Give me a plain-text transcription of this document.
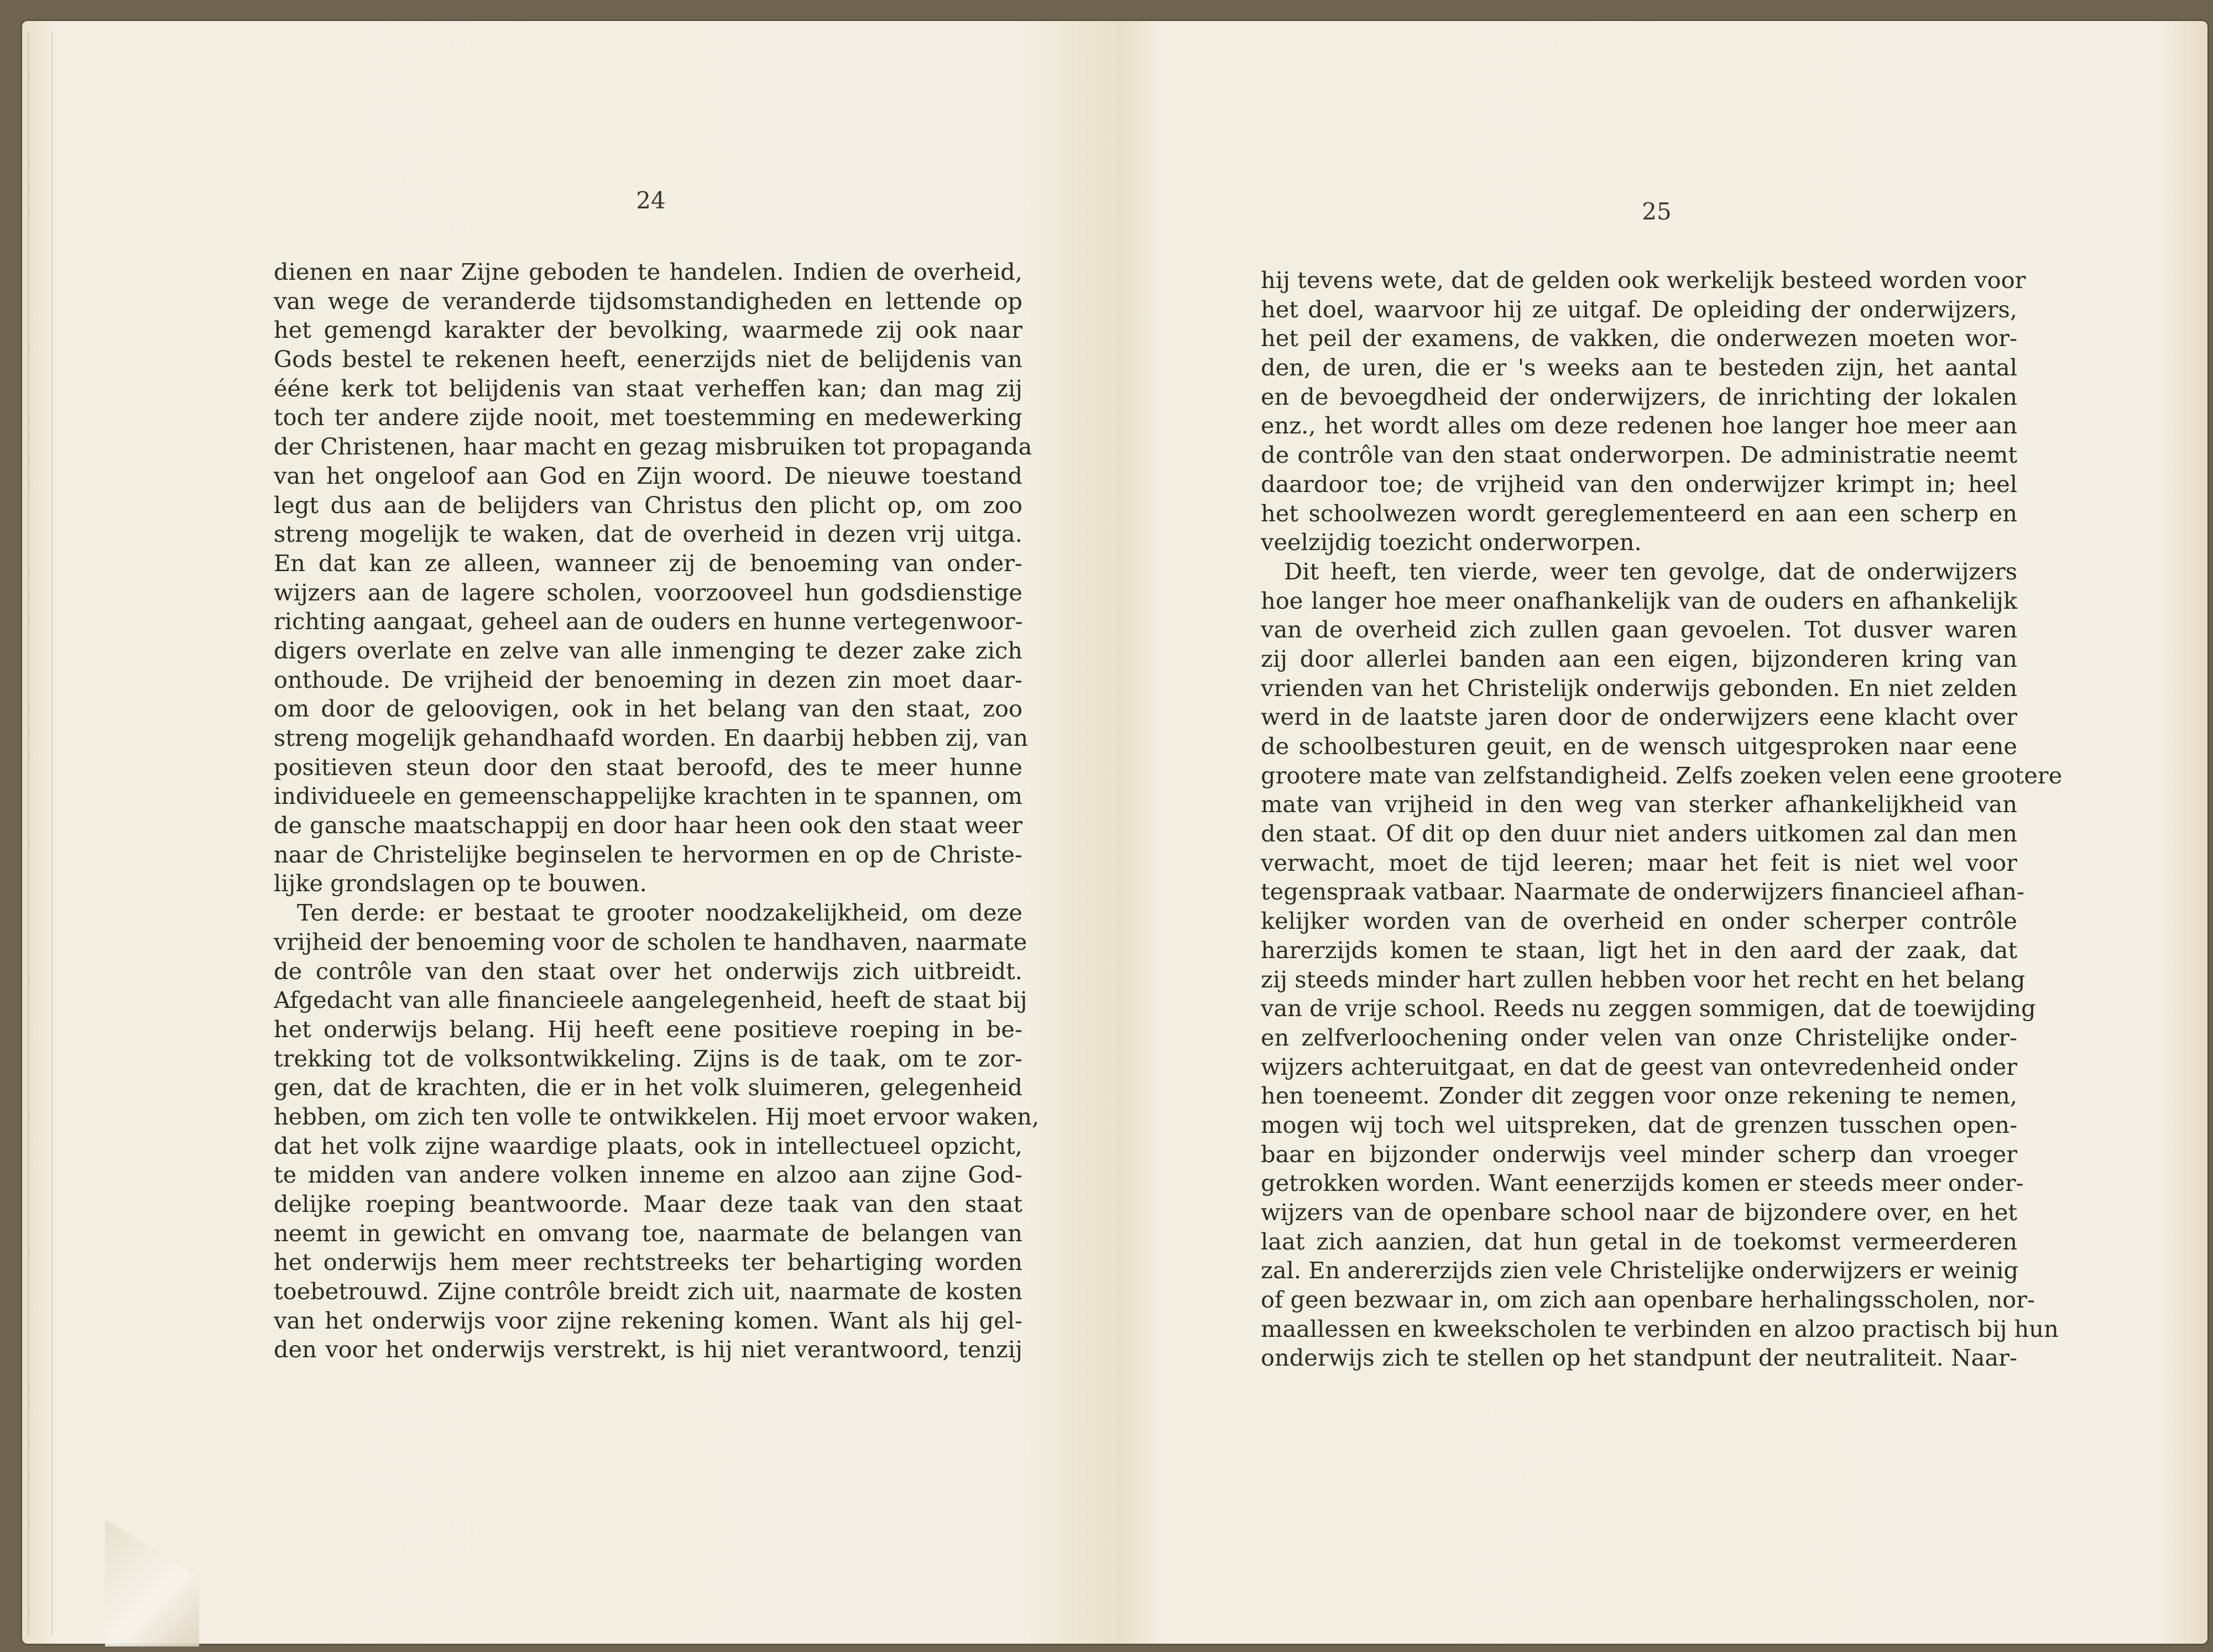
24
dienen en naar Zijne geboden te handelen. Indien de overheid,
van wege de veranderde tijdsomstandigheden en lettende op
het gemengd karakter der bevolking, waarmede zij ook naar
Gods bestel te rekenen heeft, eenerzijds niet de belijdenis van
ééne kerk tot belijdenis van staat verheffen kan; dan mag zij
toch ter andere zijde nooit, met toestemming en medewerking
der Christenen, haar macht en gezag misbruiken tot propaganda
van het ongeloof aan God en Zijn woord. De nieuwe toestand
legt dus aan de belijders van Christus den plicht op, om zoo
streng mogelijk te waken, dat de overheid in dezen vrij uitga.
En dat kan ze alleen, wanneer zij de benoeming van onder-
wijzers aan de lagere scholen, voorzooveel hun godsdienstige
richting aangaat, geheel aan de ouders en hunne vertegenwoor-
digers overlate en zelve van alle inmenging te dezer zake zich
onthoude. De vrijheid der benoeming in dezen zin moet daar-
om door de geloovigen, ook in het belang van den staat, zoo
streng mogelijk gehandhaafd worden. En daarbij hebben zij, van
positieven steun door den staat beroofd, des te meer hunne
individueele en gemeenschappelijke krachten in te spannen, om
de gansche maatschappij en door haar heen ook den staat weer
naar de Christelijke beginselen te hervormen en op de Christe-
lijke grondslagen op te bouwen.
Ten derde: er bestaat te grooter noodzakelijkheid, om deze
vrijheid der benoeming voor de scholen te handhaven, naarmate
de contrôle van den staat over het onderwijs zich uitbreidt.
Afgedacht van alle financieele aangelegenheid, heeft de staat bij
het onderwijs belang. Hij heeft eene positieve roeping in be-
trekking tot de volksontwikkeling. Zijns is de taak, om te zor-
gen, dat de krachten, die er in het volk sluimeren, gelegenheid
hebben, om zich ten volle te ontwikkelen. Hij moet ervoor waken,
dat het volk zijne waardige plaats, ook in intellectueel opzicht,
te midden van andere volken inneme en alzoo aan zijne God-
delijke roeping beantwoorde. Maar deze taak van den staat
neemt in gewicht en omvang toe, naarmate de belangen van
het onderwijs hem meer rechtstreeks ter behartiging worden
toebetrouwd. Zijne contrôle breidt zich uit, naarmate de kosten
van het onderwijs voor zijne rekening komen. Want als hij gel-
den voor het onderwijs verstrekt, is hij niet verantwoord, tenzij
25
hij tevens wete, dat de gelden ook werkelijk besteed worden voor
het doel, waarvoor hij ze uitgaf. De opleiding der onderwijzers,
het peil der examens, de vakken, die onderwezen moeten wor-
den, de uren, die er 's weeks aan te besteden zijn, het aantal
en de bevoegdheid der onderwijzers, de inrichting der lokalen
enz., het wordt alles om deze redenen hoe langer hoe meer aan
de contrôle van den staat onderworpen. De administratie neemt
daardoor toe; de vrijheid van den onderwijzer krimpt in; heel
het schoolwezen wordt gereglementeerd en aan een scherp en
veelzijdig toezicht onderworpen.
Dit heeft, ten vierde, weer ten gevolge, dat de onderwijzers
hoe langer hoe meer onafhankelijk van de ouders en afhankelijk
van de overheid zich zullen gaan gevoelen. Tot dusver waren
zij door allerlei banden aan een eigen, bijzonderen kring van
vrienden van het Christelijk onderwijs gebonden. En niet zelden
werd in de laatste jaren door de onderwijzers eene klacht over
de schoolbesturen geuit, en de wensch uitgesproken naar eene
grootere mate van zelfstandigheid. Zelfs zoeken velen eene grootere
mate van vrijheid in den weg van sterker afhankelijkheid van
den staat. Of dit op den duur niet anders uitkomen zal dan men
verwacht, moet de tijd leeren; maar het feit is niet wel voor
tegenspraak vatbaar. Naarmate de onderwijzers financieel afhan-
kelijker worden van de overheid en onder scherper contrôle
harerzijds komen te staan, ligt het in den aard der zaak, dat
zij steeds minder hart zullen hebben voor het recht en het belang
van de vrije school. Reeds nu zeggen sommigen, dat de toewijding
en zelfverloochening onder velen van onze Christelijke onder-
wijzers achteruitgaat, en dat de geest van ontevredenheid onder
hen toeneemt. Zonder dit zeggen voor onze rekening te nemen,
mogen wij toch wel uitspreken, dat de grenzen tusschen open-
baar en bijzonder onderwijs veel minder scherp dan vroeger
getrokken worden. Want eenerzijds komen er steeds meer onder-
wijzers van de openbare school naar de bijzondere over, en het
laat zich aanzien, dat hun getal in de toekomst vermeerderen
zal. En andererzijds zien vele Christelijke onderwijzers er weinig
of geen bezwaar in, om zich aan openbare herhalingsscholen, nor-
maallessen en kweekscholen te verbinden en alzoo practisch bij hun
onderwijs zich te stellen op het standpunt der neutraliteit. Naar-
